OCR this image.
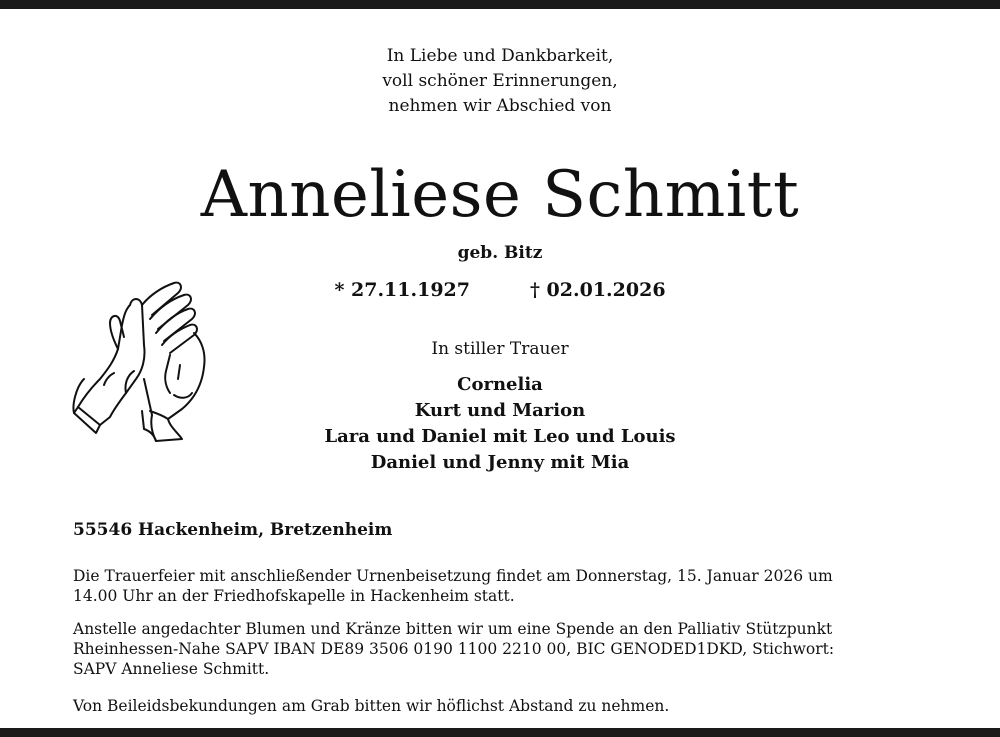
In Liebe und Dankbarkeit,
voll schöner Erinnerungen,
nehmen wir Abschied von
Anneliese Schmitt
geb. Bitz
* 27.11.1927	† 02.01.2026
In stiller Trauer
Cornelia
Kurt und Marion
Lara und Daniel mit Leo und Louis
Daniel und Jenny mit Mia
55546 Hackenheim, Bretzenheim
Die Trauerfeier mit anschließender Urnenbeisetzung findet am Donnerstag, 15. Januar 2026 um
14.00 Uhr an der Friedhofskapelle in Hackenheim statt.
Anstelle angedachter Blumen und Kränze bitten wir um eine Spende an den Palliativ Stützpunkt
Rheinhessen-Nahe SAPV IBAN DE89 3506 0190 1100 2210 00, BIC GENODED1DKD, Stichwort:
SAPV Anneliese Schmitt.
Von Beileidsbekundungen am Grab bitten wir höflichst Abstand zu nehmen.
